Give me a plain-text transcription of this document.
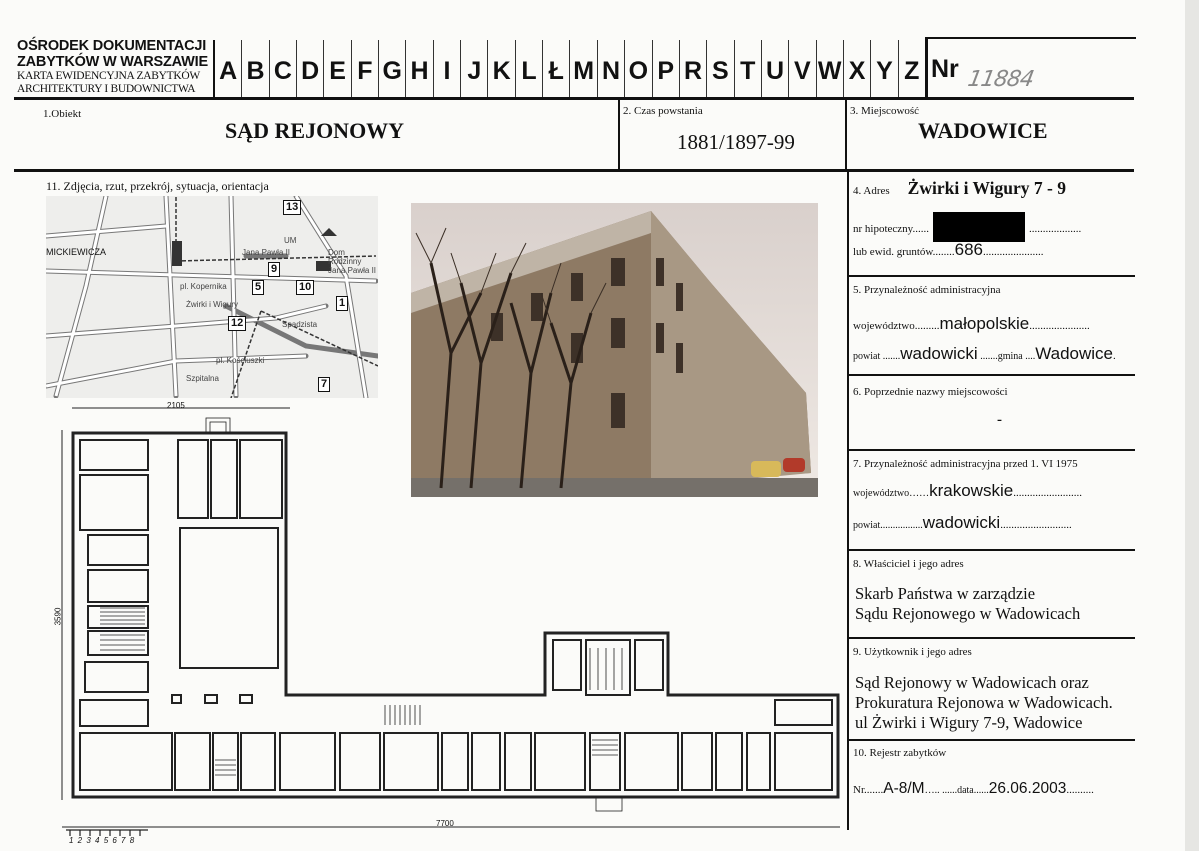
OŚRODEK DOKUMENTACJI
ZABYTKÓW W WARSZAWIE
KARTA EWIDENCYJNA ZABYTKÓW
ARCHITEKTURY I BUDOWNICTWA
A B C D E F G H I J K L Ł M N O P R S T U V W X Y Z Nr 11884
1.Obiekt
SĄD REJONOWY
2. Czas powstania
1881/1897-99
3. Miejscowość
WADOWICE
11. Zdjęcia, rzut, przekrój, sytuacja, orientacja	4. Adres Żwirki i Wigury 7 - 9
nr hipoteczny......	...................
lub ewid. gruntów........686......................
5. Przynależność administracyjna
województwo.........małopolskie......................
powiat .......wadowicki .......gmina ....Wadowice.
6. Poprzednie nazwy miejscowości
-
7. Przynależność administracyjna przed 1. VI 1975
województwo……krakowskie.........................
powiat.................wadowicki..........................
8. Właściciel i jego adres
Skarb Państwa w zarządzie
Sądu Rejonowego w Wadowicach
9. Użytkownik i jego adres
Sąd Rejonowy w Wadowicach oraz
Prokuratura Rejonowa w Wadowicach.
ul Żwirki i Wigury 7-9, Wadowice
10. Rejestr zabytków
Nr.......A-8/M….. ......data......26.06.2003..........
MICKIEWICZA
pl. Kopernika
Żwirki i Wigury
Jana Pawła II
UM
pl. Kościuszki
Szpitalna
Spadzista
Dom Rodzinny Jana Pawła II
13
9
10
5
1
12
7
2105
3590
7700
1 2 3 4 5 6 7 8
